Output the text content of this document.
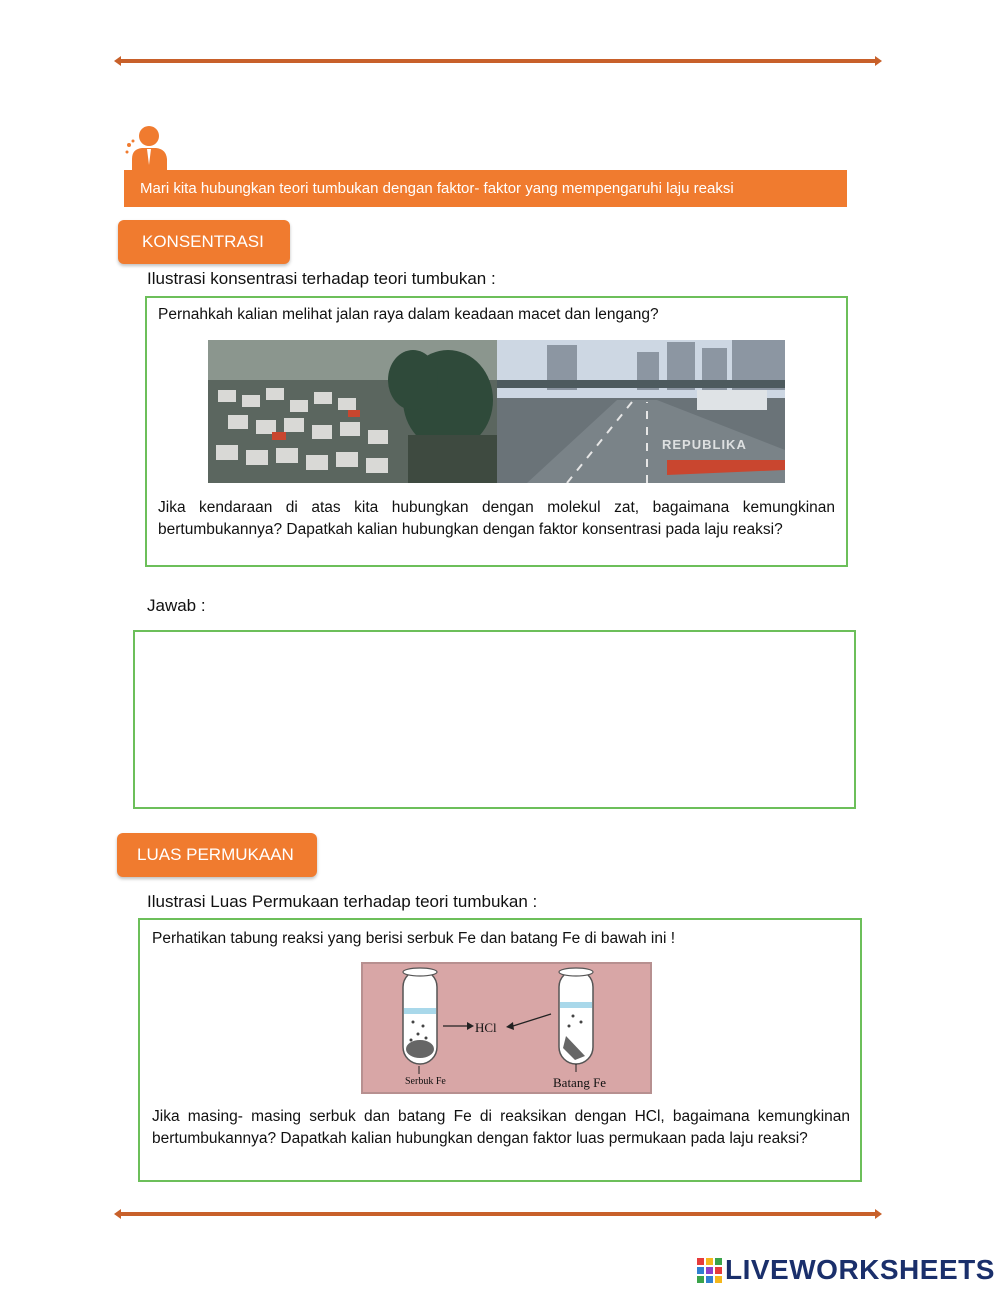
Mari kita hubungkan teori tumbukan dengan faktor- faktor yang mempengaruhi laju reaksi
KONSENTRASI
Ilustrasi konsentrasi terhadap teori tumbukan :
Pernahkah kalian melihat jalan raya dalam keadaan macet dan lengang?
REPUBLIKA
Jika kendaraan di atas kita hubungkan dengan molekul zat, bagaimana kemungkinan bertumbukannya? Dapatkah kalian hubungkan dengan faktor konsentrasi pada laju reaksi?
Jawab :
LUAS PERMUKAAN
Ilustrasi Luas Permukaan terhadap teori tumbukan :
Perhatikan tabung reaksi yang berisi serbuk Fe dan batang Fe di bawah ini !
HCl
Serbuk Fe	Batang Fe
Jika masing- masing serbuk dan batang Fe di reaksikan dengan HCl, bagaimana kemungkinan bertumbukannya? Dapatkah kalian hubungkan dengan faktor luas permukaan pada laju reaksi?
LIVEWORKSHEETS
